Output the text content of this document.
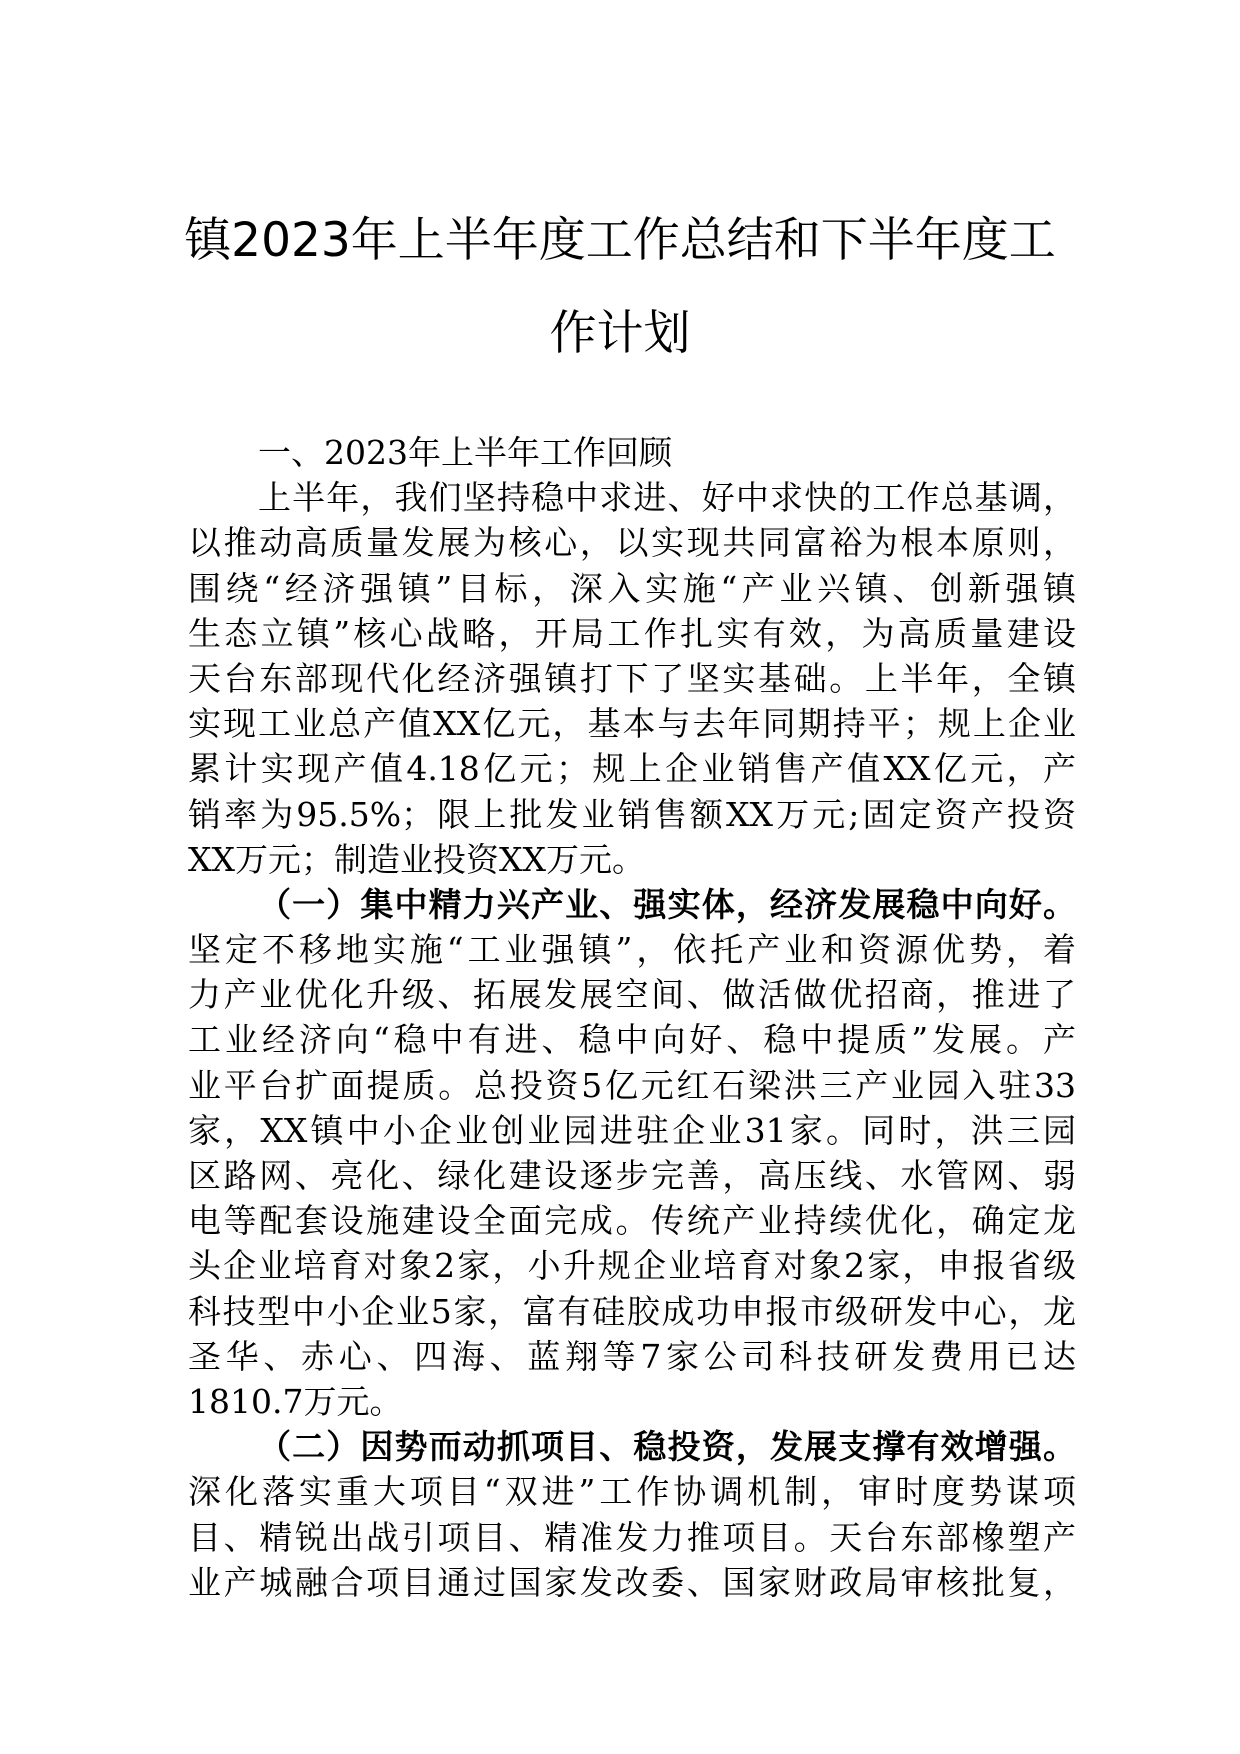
镇2023年上半年度工作总结和下半年度工
作计划
一、2023年上半年工作回顾
上半年，我们坚持稳中求进、好中求快的工作总基调，
以推动高质量发展为核心，以实现共同富裕为根本原则，
围绕“经济强镇”目标，深入实施“产业兴镇、创新强镇
生态立镇”核心战略，开局工作扎实有效，为高质量建设
天台东部现代化经济强镇打下了坚实基础。上半年，全镇
实现工业总产值XX亿元，基本与去年同期持平；规上企业
累计实现产值4.18亿元；规上企业销售产值XX亿元，产
销率为95.5%；限上批发业销售额XX万元;固定资产投资
XX万元；制造业投资XX万元。
（一）集中精力兴产业、强实体，经济发展稳中向好。
坚定不移地实施“工业强镇”，依托产业和资源优势，着
力产业优化升级、拓展发展空间、做活做优招商，推进了
工业经济向“稳中有进、稳中向好、稳中提质”发展。产
业平台扩面提质。总投资5亿元红石梁洪三产业园入驻33
家，XX镇中小企业创业园进驻企业31家。同时，洪三园
区路网、亮化、绿化建设逐步完善，高压线、水管网、弱
电等配套设施建设全面完成。传统产业持续优化，确定龙
头企业培育对象2家，小升规企业培育对象2家，申报省级
科技型中小企业5家，富有硅胶成功申报市级研发中心，龙
圣华、赤心、四海、蓝翔等7家公司科技研发费用已达
1810.7万元。
（二）因势而动抓项目、稳投资，发展支撑有效增强。
深化落实重大项目“双进”工作协调机制，审时度势谋项
目、精锐出战引项目、精准发力推项目。天台东部橡塑产
业产城融合项目通过国家发改委、国家财政局审核批复，
